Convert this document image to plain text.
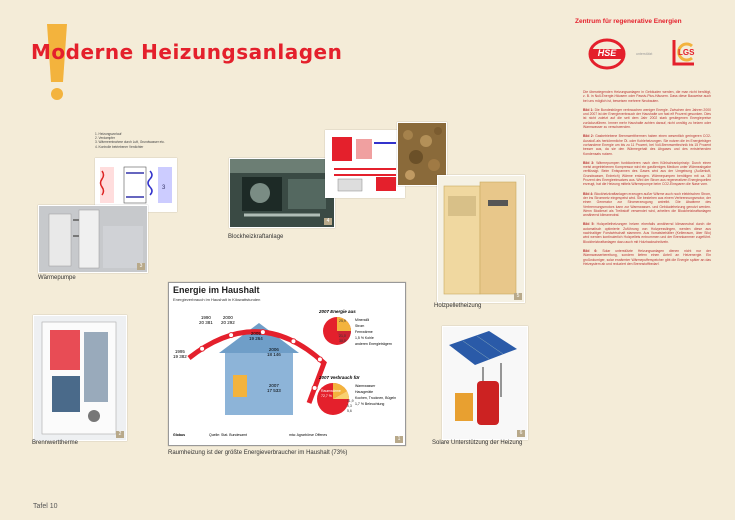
Moderne Heizungsanlagen
Zentrum für regenerative Energien
HSE	unterstützt	LGS

Die überwiegenden Heizungsanlagen in Gebäuden werden, die man nicht benötigt, z. B. in Null-Energie-Häusern oder Passiv-Plus-Häusern. Dass diese Bauweise auch bei uns möglich ist, beweisen mehrere Neubauten.

Bild 1: Die Bundesbürger verbrauchen weniger Energie. Zwischen den Jahren 2000 und 2007 ist der Energieverbrauch der Haushalte um fast elf Prozent gesunken. Dies ist nicht zuletzt auf die seit dem Jahr 2002 stark gestiegenen Energiepreise zurückzuführen. Immer mehr Haushalte achten darauf, nicht unnötig zu heizen oder Warmwasser zu verschwenden.

Bild 2: Gasbetriebene Brennwertthermen haben einen wesentlich geringeren CO2-Ausstoß als herkömmliche Öl- oder Kohleheizungen. Sie nutzen die im Energieträger vorhandene Energie um bis zu 11 Prozent, bei Voll-Brennwerttechnik bis 15 Prozent besser aus, da sie den Wärmegehalt des Abgases und des entstehenden Kondensats nutzen.

Bild 3: Wärmepumpen funktionieren nach dem Kühlschrankprinzip: Durch einen meist angetriebenen Kompressor wird ein gasförmiges Medium unter Wärmeabgabe verflüssigt. Beim Entspannen des Gases wird aus der Umgebung (Außenluft, Grundwasser, Erdreich) Wärme entzogen. Wärmepumpen benötigen mit ca. 30 Prozent des Energieeinsatzes aus. Wird der Strom aus regenerativen Energiequellen erzeugt, hat die Heizung mittels Wärmepumpe beim CO2-Einsparen die Nase vorn.

Bild 4: Blockheizkraftanlagen erzeugen außer Wärme auch noch elektrischen Strom, der ins Stromnetz eingespeist wird. Sie bestehen aus einem Verbrennungsmotor, der einen Generator zur Stromerzeugung antreibt. Die Abwärme des Verbrennungsmotors kann zur Warmwasser- und Gebäudeheizung genutzt werden. Wenn Biodiesel als Treibstoff verwendet wird, arbeiten die Blockheizkraftanlagen annähernd klimaneutral.

Bild 5: Holzpelletheizungen heizen ebenfalls annähernd klimaneutral durch die automatisch optimierte Zuführung von Holzpresslingen, werden diese aus nachhaltiger Forstwirtschaft stammen. Aus Vorratsbehälter (Kellerraum, über Silo) wird werden kontinuierlich Holzpellets entnommen und der Brennkammer zugeführt. Blockheizkraftanlagen dazu auch mit Holzhackschnitzeln.

Bild 6: Solar unterstützte Heizungsanlagen dienen nicht nur der Warmwasserbereitung, sondern liefern einen Anteil an Heizenergie. Ein großvolumiger, solar erwärmter Wärmepufferspeicher gibt die Energie später an das Heizsystem ab und reduziert den Brennstoffbedarf.

1. Heizungsvorlauf
2. Verdampfer
3. Wärmeentnahme durch Luft, Grundwasser etc.
4. Kontrolle betriebener Verdichter
3
3
Wärmepumpe
4
Blockheizkraftanlage
5
Holzpelletheizung
2
Brennwerttherme
6
Solare Unterstützung der Heizung
Energie im Haushalt
Energieverbrauch im Haushalt in Kilowattstunden
1990
20 381
2000
20 292
2005
19 264
2006
18 146
2007
17 533
1995
19 382
2007 Energie aus
Mineralöl
Strom
Fernwärme
1,5 % Kohle
anderen Energieträgern
25,9
8/22,6
20,5 %
21,0
30,0
2007 Verbrauch für
Warmwasser
Hausgeräte
Kochen, Trocknen, Bügeln
1,7 % Beleuchtung
Raumwärme
72,7 %
11,9
5,3
5,6
Globus	Quelle: Stat. Bundesamt	mta: Agrarbörse Offenes
1
Raumheizung ist der größte Energieverbraucher im Haushalt (73%)
Tafel 10
